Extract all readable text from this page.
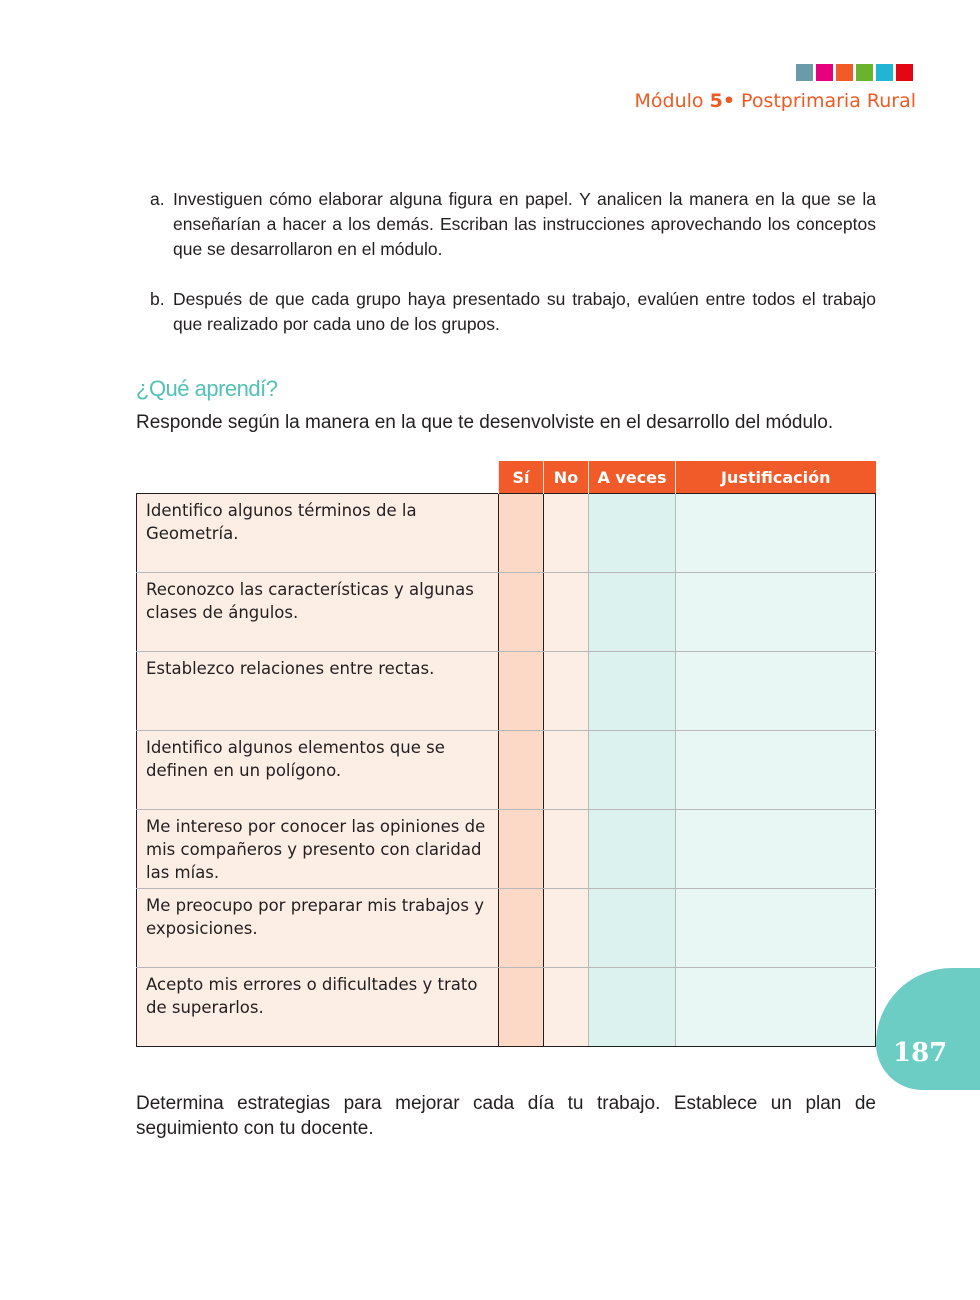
Módulo 5• Postprimaria Rural
a. Investiguen cómo elaborar alguna figura en papel. Y analicen la manera en la que se la enseñarían a hacer a los demás. Escriban las instrucciones aprovechando los conceptos que se desarrollaron en el módulo.
b. Después de que cada grupo haya presentado su trabajo, evalúen entre todos el trabajo que realizado por cada uno de los grupos.
¿Qué aprendí?
Responde según la manera en la que te desenvolviste en el desarrollo del módulo.
	Sí	No	A veces	Justificación
Identifico algunos términos de la Geometría.				
Reconozco las características y algunas clases de ángulos.				
Establezco relaciones entre rectas.				
Identifico algunos elementos que se definen en un polígono.				
Me intereso por conocer las opiniones de mis compañeros y presento con claridad las mías.				
Me preocupo por preparar mis trabajos y exposiciones.				
Acepto mis errores o dificultades y trato de superarlos.				
187
Determina estrategias para mejorar cada día tu trabajo. Establece un plan de seguimiento con tu docente.
